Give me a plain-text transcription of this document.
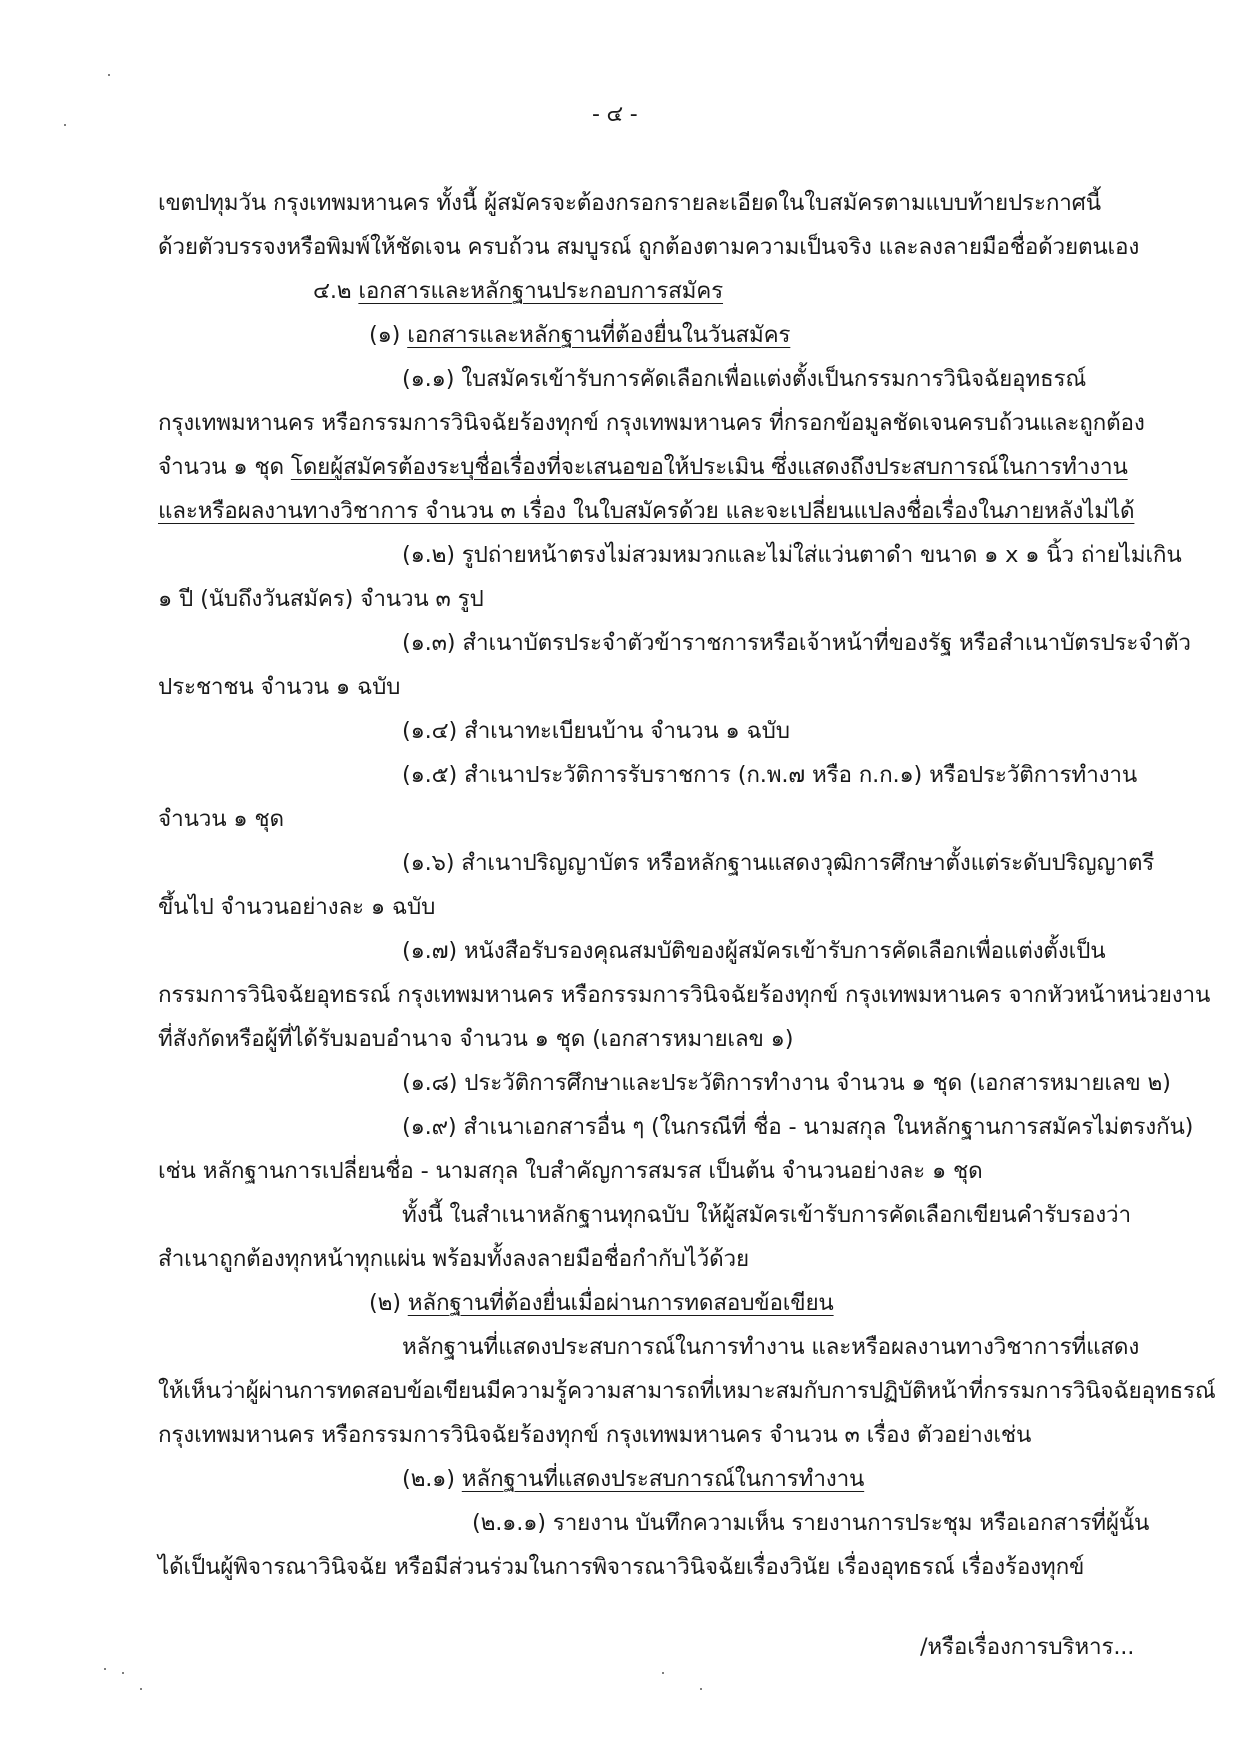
- ๔ -
เขตปทุมวัน กรุงเทพมหานคร ทั้งนี้ ผู้สมัครจะต้องกรอกรายละเอียดในใบสมัครตามแบบท้ายประกาศนี้
ด้วยตัวบรรจงหรือพิมพ์ให้ชัดเจน ครบถ้วน สมบูรณ์ ถูกต้องตามความเป็นจริง และลงลายมือชื่อด้วยตนเอง
๔.๒ เอกสารและหลักฐานประกอบการสมัคร
(๑) เอกสารและหลักฐานที่ต้องยื่นในวันสมัคร
(๑.๑) ใบสมัครเข้ารับการคัดเลือกเพื่อแต่งตั้งเป็นกรรมการวินิจฉัยอุทธรณ์
กรุงเทพมหานคร หรือกรรมการวินิจฉัยร้องทุกข์ กรุงเทพมหานคร ที่กรอกข้อมูลชัดเจนครบถ้วนและถูกต้อง
จำนวน ๑ ชุด โดยผู้สมัครต้องระบุชื่อเรื่องที่จะเสนอขอให้ประเมิน ซึ่งแสดงถึงประสบการณ์ในการทำงาน
และหรือผลงานทางวิชาการ จำนวน ๓ เรื่อง ในใบสมัครด้วย และจะเปลี่ยนแปลงชื่อเรื่องในภายหลังไม่ได้
(๑.๒) รูปถ่ายหน้าตรงไม่สวมหมวกและไม่ใส่แว่นตาดำ ขนาด ๑ x ๑ นิ้ว ถ่ายไม่เกิน
๑ ปี (นับถึงวันสมัคร) จำนวน ๓ รูป
(๑.๓) สำเนาบัตรประจำตัวข้าราชการหรือเจ้าหน้าที่ของรัฐ หรือสำเนาบัตรประจำตัว
ประชาชน จำนวน ๑ ฉบับ
(๑.๔) สำเนาทะเบียนบ้าน จำนวน ๑ ฉบับ
(๑.๕) สำเนาประวัติการรับราชการ (ก.พ.๗ หรือ ก.ก.๑) หรือประวัติการทำงาน
จำนวน ๑ ชุด
(๑.๖) สำเนาปริญญาบัตร หรือหลักฐานแสดงวุฒิการศึกษาตั้งแต่ระดับปริญญาตรี
ขึ้นไป จำนวนอย่างละ ๑ ฉบับ
(๑.๗) หนังสือรับรองคุณสมบัติของผู้สมัครเข้ารับการคัดเลือกเพื่อแต่งตั้งเป็น
กรรมการวินิจฉัยอุทธรณ์ กรุงเทพมหานคร หรือกรรมการวินิจฉัยร้องทุกข์ กรุงเทพมหานคร จากหัวหน้าหน่วยงาน
ที่สังกัดหรือผู้ที่ได้รับมอบอำนาจ จำนวน ๑ ชุด (เอกสารหมายเลข ๑)
(๑.๘) ประวัติการศึกษาและประวัติการทำงาน จำนวน ๑ ชุด (เอกสารหมายเลข ๒)
(๑.๙) สำเนาเอกสารอื่น ๆ (ในกรณีที่ ชื่อ - นามสกุล ในหลักฐานการสมัครไม่ตรงกัน)
เช่น หลักฐานการเปลี่ยนชื่อ - นามสกุล ใบสำคัญการสมรส เป็นต้น จำนวนอย่างละ ๑ ชุด
ทั้งนี้ ในสำเนาหลักฐานทุกฉบับ ให้ผู้สมัครเข้ารับการคัดเลือกเขียนคำรับรองว่า
สำเนาถูกต้องทุกหน้าทุกแผ่น พร้อมทั้งลงลายมือชื่อกำกับไว้ด้วย
(๒) หลักฐานที่ต้องยื่นเมื่อผ่านการทดสอบข้อเขียน
หลักฐานที่แสดงประสบการณ์ในการทำงาน และหรือผลงานทางวิชาการที่แสดง
ให้เห็นว่าผู้ผ่านการทดสอบข้อเขียนมีความรู้ความสามารถที่เหมาะสมกับการปฏิบัติหน้าที่กรรมการวินิจฉัยอุทธรณ์
กรุงเทพมหานคร หรือกรรมการวินิจฉัยร้องทุกข์ กรุงเทพมหานคร จำนวน ๓ เรื่อง ตัวอย่างเช่น
(๒.๑) หลักฐานที่แสดงประสบการณ์ในการทำงาน
(๒.๑.๑) รายงาน บันทึกความเห็น รายงานการประชุม หรือเอกสารที่ผู้นั้น
ได้เป็นผู้พิจารณาวินิจฉัย หรือมีส่วนร่วมในการพิจารณาวินิจฉัยเรื่องวินัย เรื่องอุทธรณ์ เรื่องร้องทุกข์
/หรือเรื่องการบริหาร...
